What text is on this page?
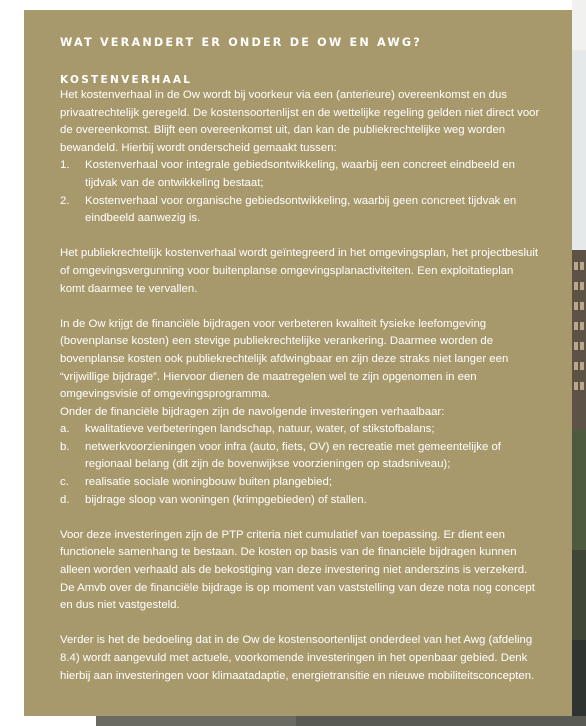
WAT VERANDERT ER ONDER DE OW EN AWG?
KOSTENVERHAAL
Het kostenverhaal in de Ow wordt bij voorkeur via een (anterieure) overeenkomst en dus privaatrechtelijk geregeld. De kostensoortenlijst en de wettelijke regeling gelden niet direct voor de overeenkomst. Blijft een overeenkomst uit, dan kan de publiekrechtelijke weg worden bewandeld. Hierbij wordt onderscheid gemaakt tussen:
1. Kostenverhaal voor integrale gebiedsontwikkeling, waarbij een concreet eindbeeld en tijdvak van de ontwikkeling bestaat;
2. Kostenverhaal voor organische gebiedsontwikkeling, waarbij geen concreet tijdvak en eindbeeld aanwezig is.
Het publiekrechtelijk kostenverhaal wordt geïntegreerd in het omgevingsplan, het projectbesluit of omgevingsvergunning voor buitenplanse omgevingsplanactiviteiten. Een exploitatieplan komt daarmee te vervallen.
In de Ow krijgt de financiële bijdragen voor verbeteren kwaliteit fysieke leefomgeving (bovenplanse kosten) een stevige publiekrechtelijke verankering. Daarmee worden de bovenplanse kosten ook publiekrechtelijk afdwingbaar en zijn deze straks niet langer een “vrijwillige bijdrage”. Hiervoor dienen de maatregelen wel te zijn opgenomen in een omgevingsvisie of omgevingsprogramma.
Onder de financiële bijdragen zijn de navolgende investeringen verhaalbaar:
a. kwalitatieve verbeteringen landschap, natuur, water, of stikstofbalans;
b. netwerkvoorzieningen voor infra (auto, fiets, OV) en recreatie met gemeentelijke of regionaal belang (dit zijn de bovenwijkse voorzieningen op stadsniveau);
c. realisatie sociale woningbouw buiten plangebied;
d. bijdrage sloop van woningen (krimpgebieden) of stallen.
Voor deze investeringen zijn de PTP criteria niet cumulatief van toepassing. Er dient een functionele samenhang te bestaan. De kosten op basis van de financiële bijdragen kunnen alleen worden verhaald als de bekostiging van deze investering niet anderszins is verzekerd. De Amvb over de financiële bijdrage is op moment van vaststelling van deze nota nog concept en dus niet vastgesteld.
Verder is het de bedoeling dat in de Ow de kostensoortenlijst onderdeel van het Awg (afdeling 8.4) wordt aangevuld met actuele, voorkomende investeringen in het openbaar gebied. Denk hierbij aan investeringen voor klimaatadaptie, energietransitie en nieuwe mobiliteitsconcepten.
